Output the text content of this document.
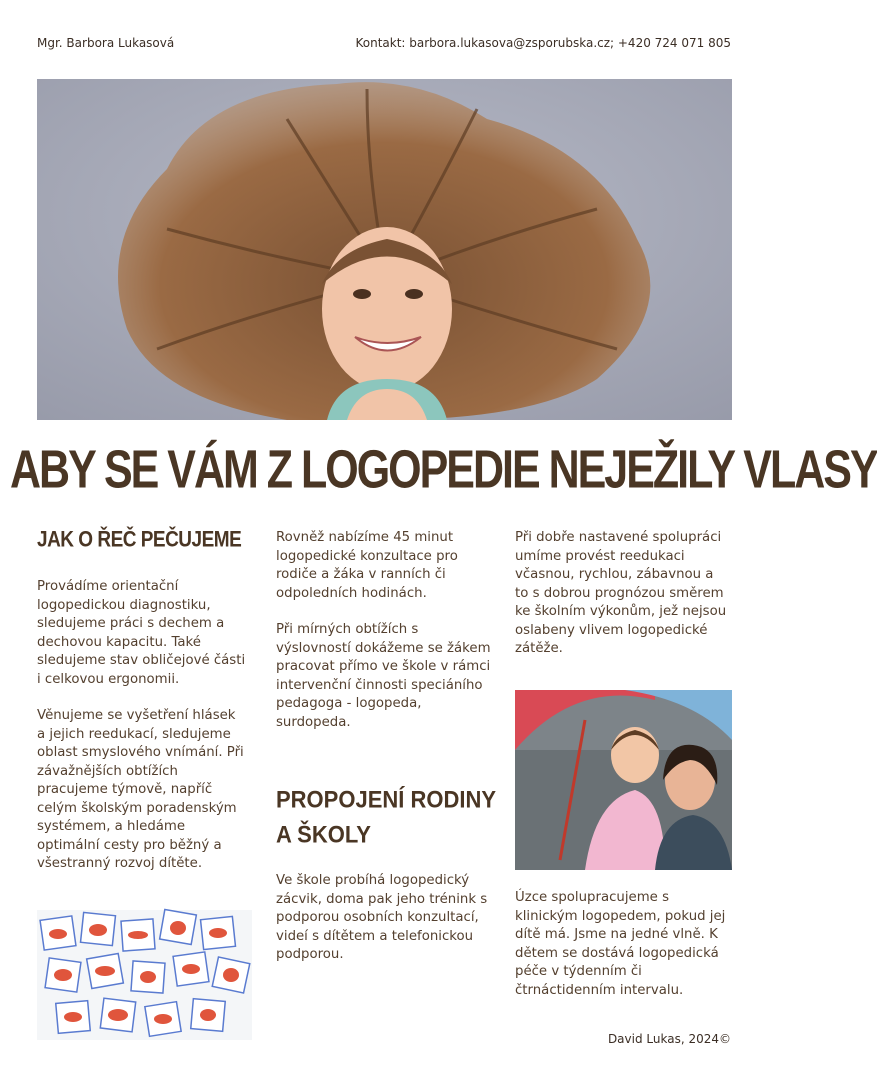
Mgr. Barbora Lukasová	Kontakt: barbora.lukasova@zsporubska.cz; +420 724 071 805
ABY SE VÁM Z LOGOPEDIE NEJEŽILY VLASY
JAK O ŘEČ PEČUJEME

Provádíme orientační logopedickou diagnostiku, sledujeme práci s dechem a dechovou kapacitu. Také sledujeme stav obličejové části i celkovou ergonomii.

Věnujeme se vyšetření hlásek a jejich reedukací, sledujeme oblast smyslového vnímání. Při závažnějších obtížích pracujeme týmově, napříč celým školským poradenským systémem, a hledáme optimální cesty pro běžný a všestranný rozvoj dítěte.

Rovněž nabízíme 45 minut logopedické konzultace pro rodiče a žáka v ranních či odpoledních hodinách.

Při mírných obtížích s výslovností dokážeme se žákem pracovat přímo ve škole v rámci intervenční činnosti speciáního pedagoga - logopeda, surdopeda.

PROPOJENÍ RODINY A ŠKOLY
Ve škole probíhá logopedický zácvik, doma pak jeho trénink s podporou osobních konzultací, videí s dítětem a telefonickou podporou.
Při dobře nastavené spolupráci umíme provést reedukaci včasnou, rychlou, zábavnou a to s dobrou prognózou směrem ke školním výkonům, jež nejsou oslabeny vlivem logopedické zátěže.
Úzce spolupracujeme s klinickým logopedem, pokud jej dítě má. Jsme na jedné vlně. K dětem se dostává logopedická péče v týdenním či čtrnáctidenním intervalu.
David Lukas, 2024©
